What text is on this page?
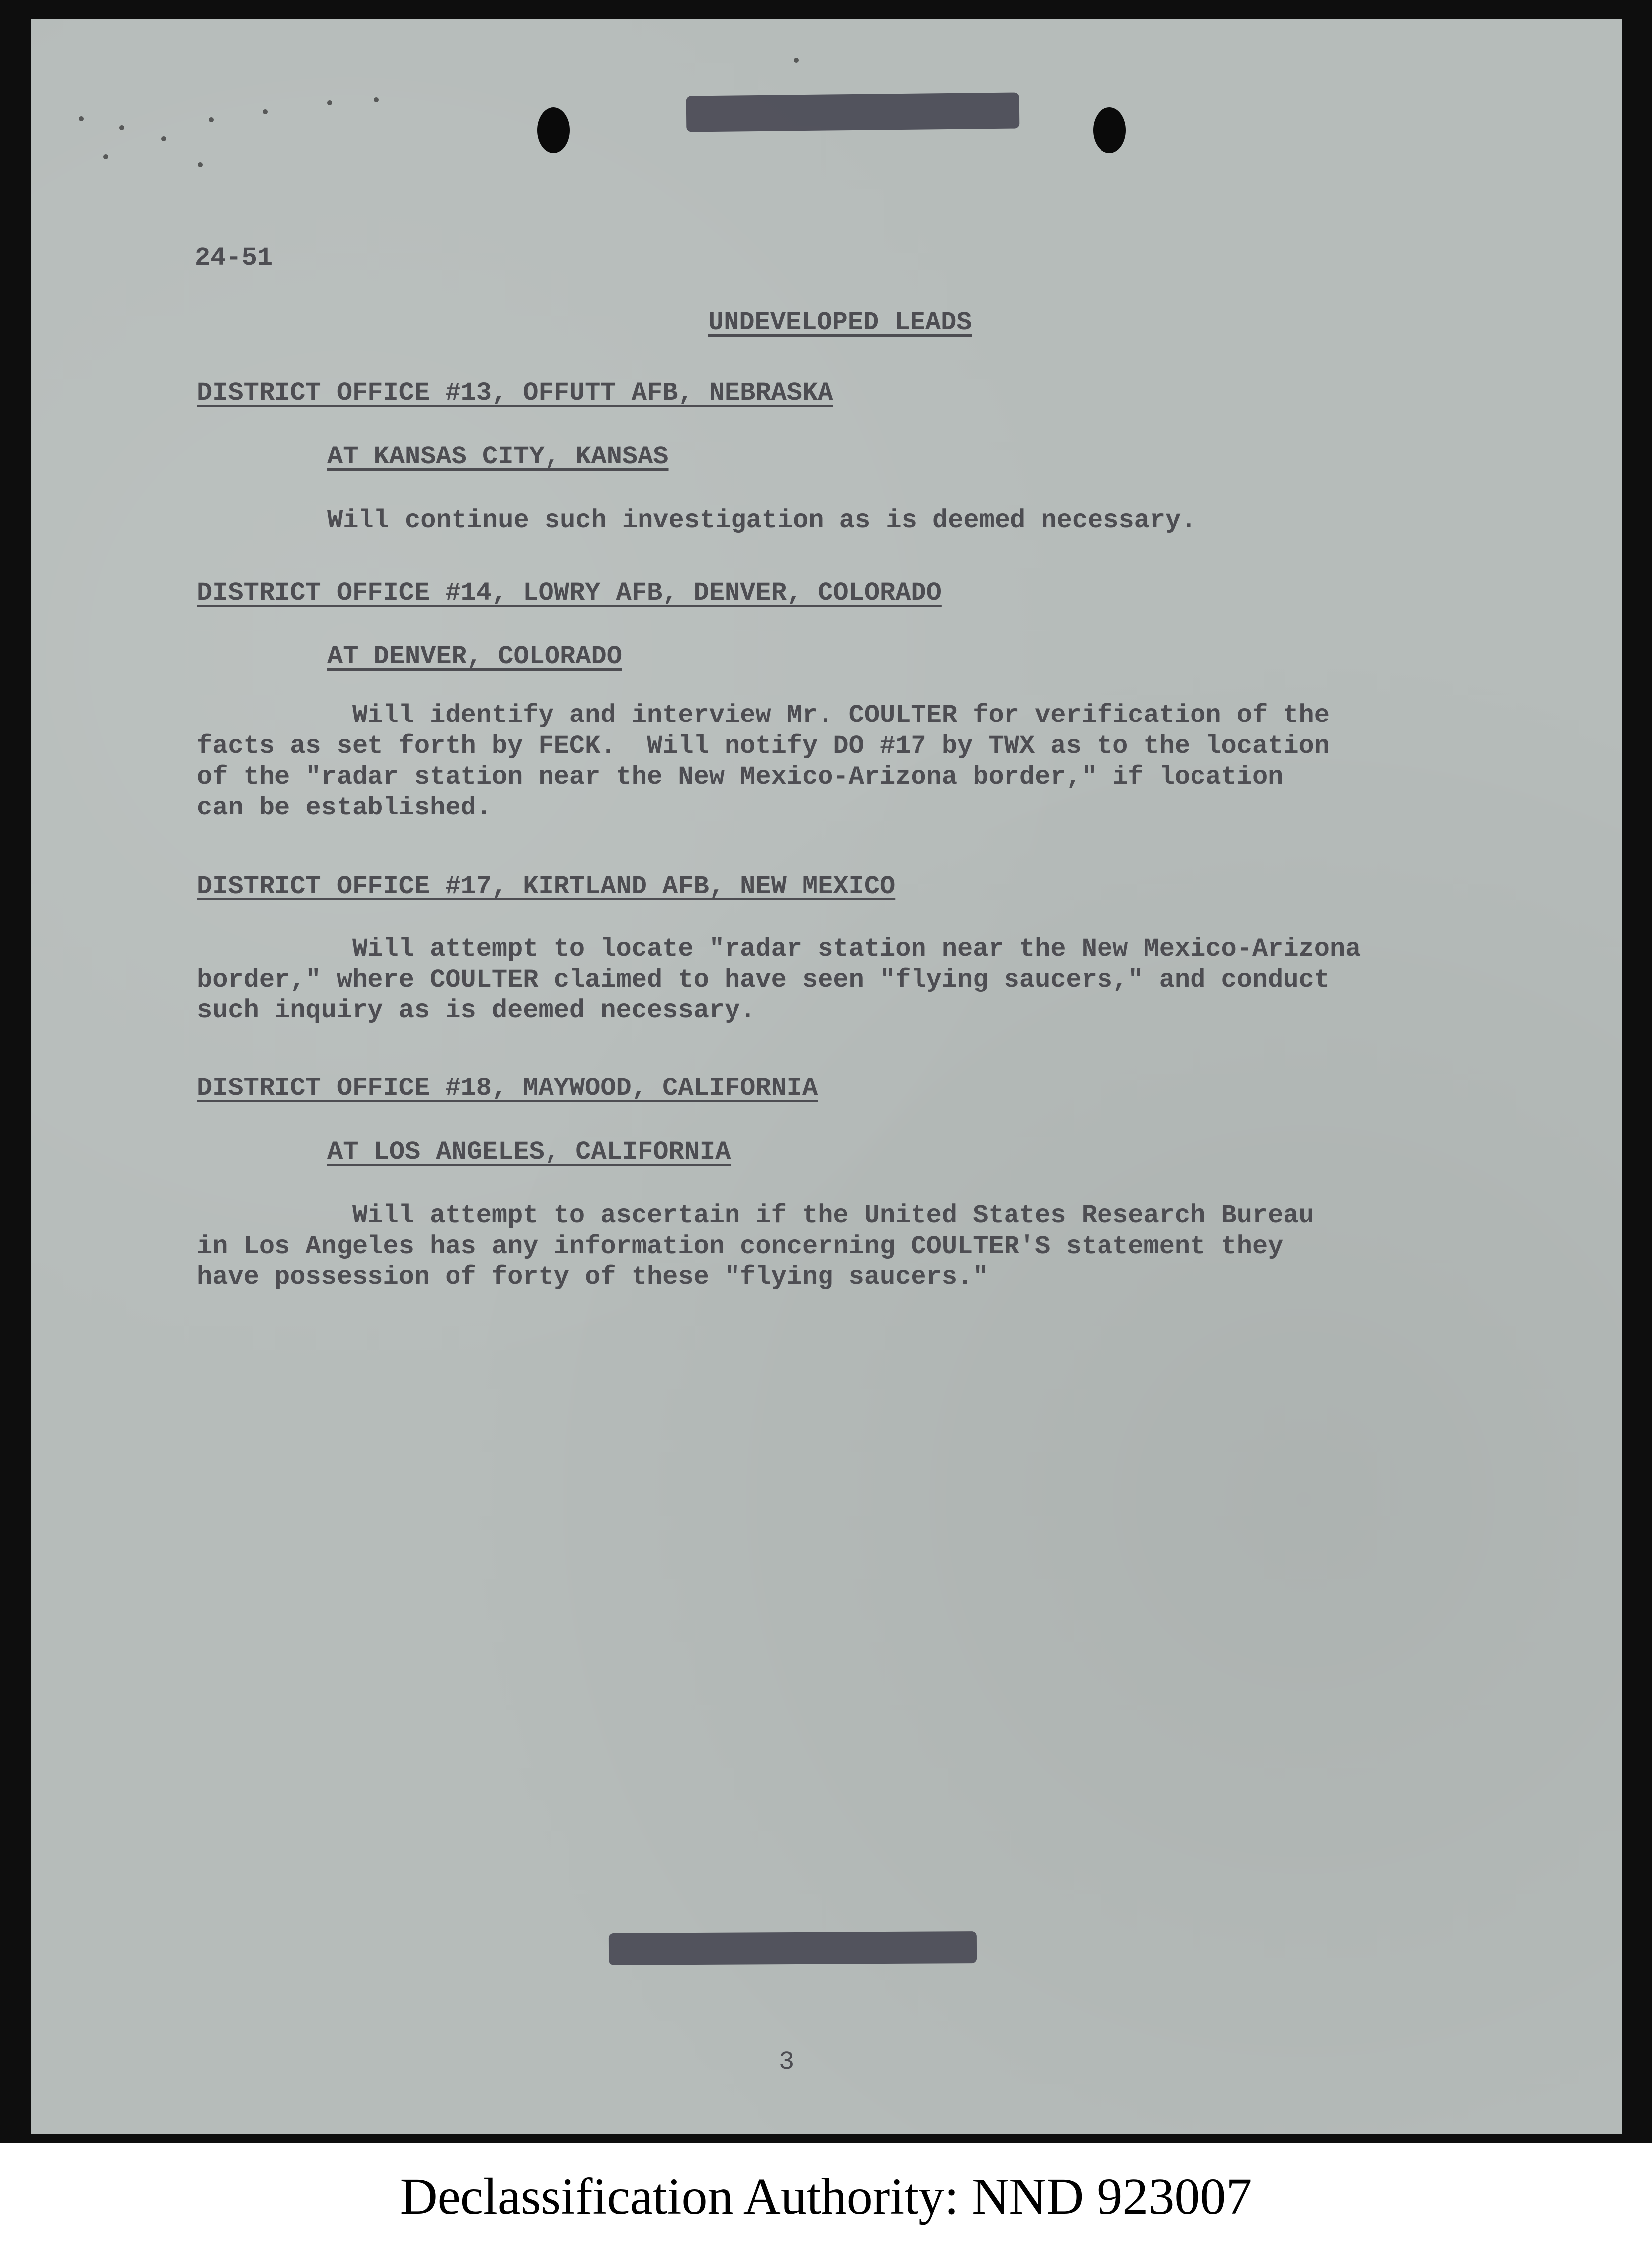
24-51

UNDEVELOPED LEADS

DISTRICT OFFICE #13, OFFUTT AFB, NEBRASKA

AT KANSAS CITY, KANSAS

Will continue such investigation as is deemed necessary.

DISTRICT OFFICE #14, LOWRY AFB, DENVER, COLORADO

AT DENVER, COLORADO

Will identify and interview Mr. COULTER for verification of the
facts as set forth by FECK.  Will notify DO #17 by TWX as to the location
of the "radar station near the New Mexico-Arizona border," if location
can be established.

DISTRICT OFFICE #17, KIRTLAND AFB, NEW MEXICO

Will attempt to locate "radar station near the New Mexico-Arizona
border," where COULTER claimed to have seen "flying saucers," and conduct
such inquiry as is deemed necessary.

DISTRICT OFFICE #18, MAYWOOD, CALIFORNIA

AT LOS ANGELES, CALIFORNIA

Will attempt to ascertain if the United States Research Bureau
in Los Angeles has any information concerning COULTER'S statement they
have possession of forty of these "flying saucers."

3

Declassification Authority: NND 923007
